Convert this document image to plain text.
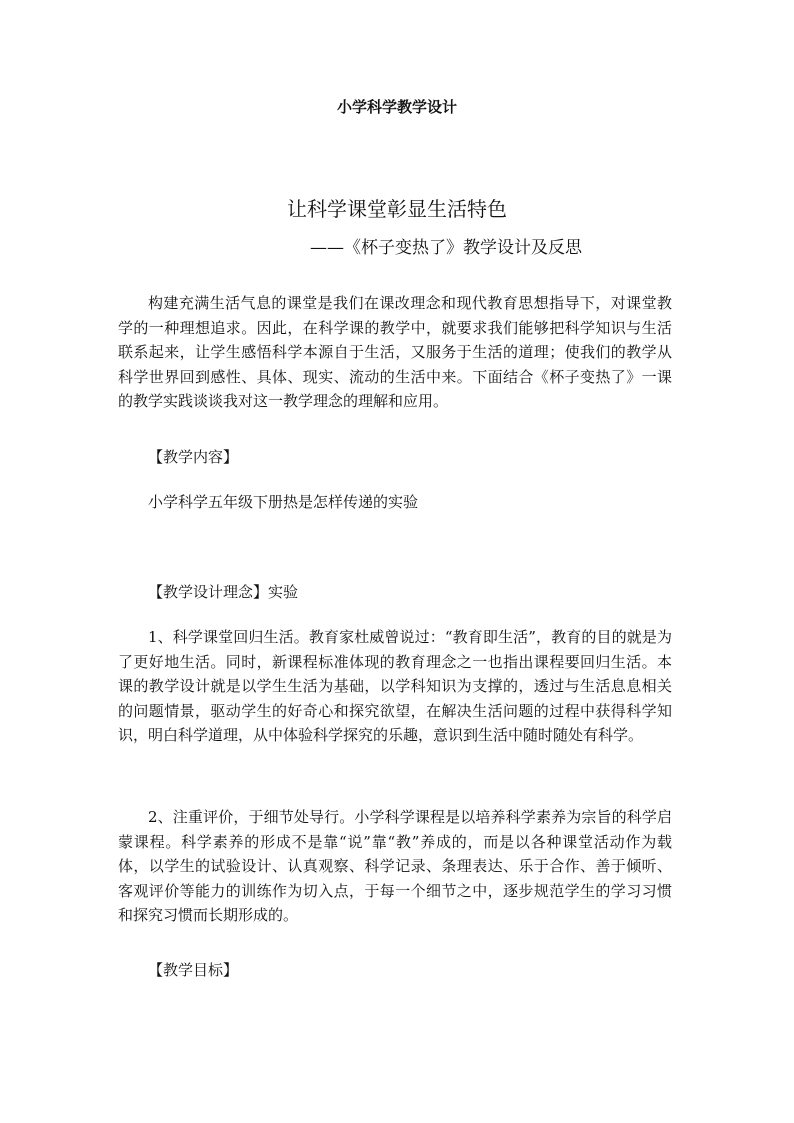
小学科学教学设计

让科学课堂彰显生活特色

——《杯子变热了》教学设计及反思

构建充满生活气息的课堂是我们在课改理念和现代教育思想指导下，对课堂教学的一种理想追求。因此，在科学课的教学中，就要求我们能够把科学知识与生活联系起来，让学生感悟科学本源自于生活，又服务于生活的道理；使我们的教学从科学世界回到感性、具体、现实、流动的生活中来。下面结合《杯子变热了》一课的教学实践谈谈我对这一教学理念的理解和应用。

【教学内容】

小学科学五年级下册热是怎样传递的实验

【教学设计理念】实验

1、科学课堂回归生活。教育家杜威曾说过：“教育即生活”，教育的目的就是为了更好地生活。同时，新课程标准体现的教育理念之一也指出课程要回归生活。本课的教学设计就是以学生生活为基础，以学科知识为支撑的，透过与生活息息相关的问题情景，驱动学生的好奇心和探究欲望，在解决生活问题的过程中获得科学知识，明白科学道理，从中体验科学探究的乐趣，意识到生活中随时随处有科学。

2、注重评价，于细节处导行。小学科学课程是以培养科学素养为宗旨的科学启蒙课程。科学素养的形成不是靠“说”靠“教”养成的，而是以各种课堂活动作为载体，以学生的试验设计、认真观察、科学记录、条理表达、乐于合作、善于倾听、客观评价等能力的训练作为切入点，于每一个细节之中，逐步规范学生的学习习惯和探究习惯而长期形成的。

【教学目标】
